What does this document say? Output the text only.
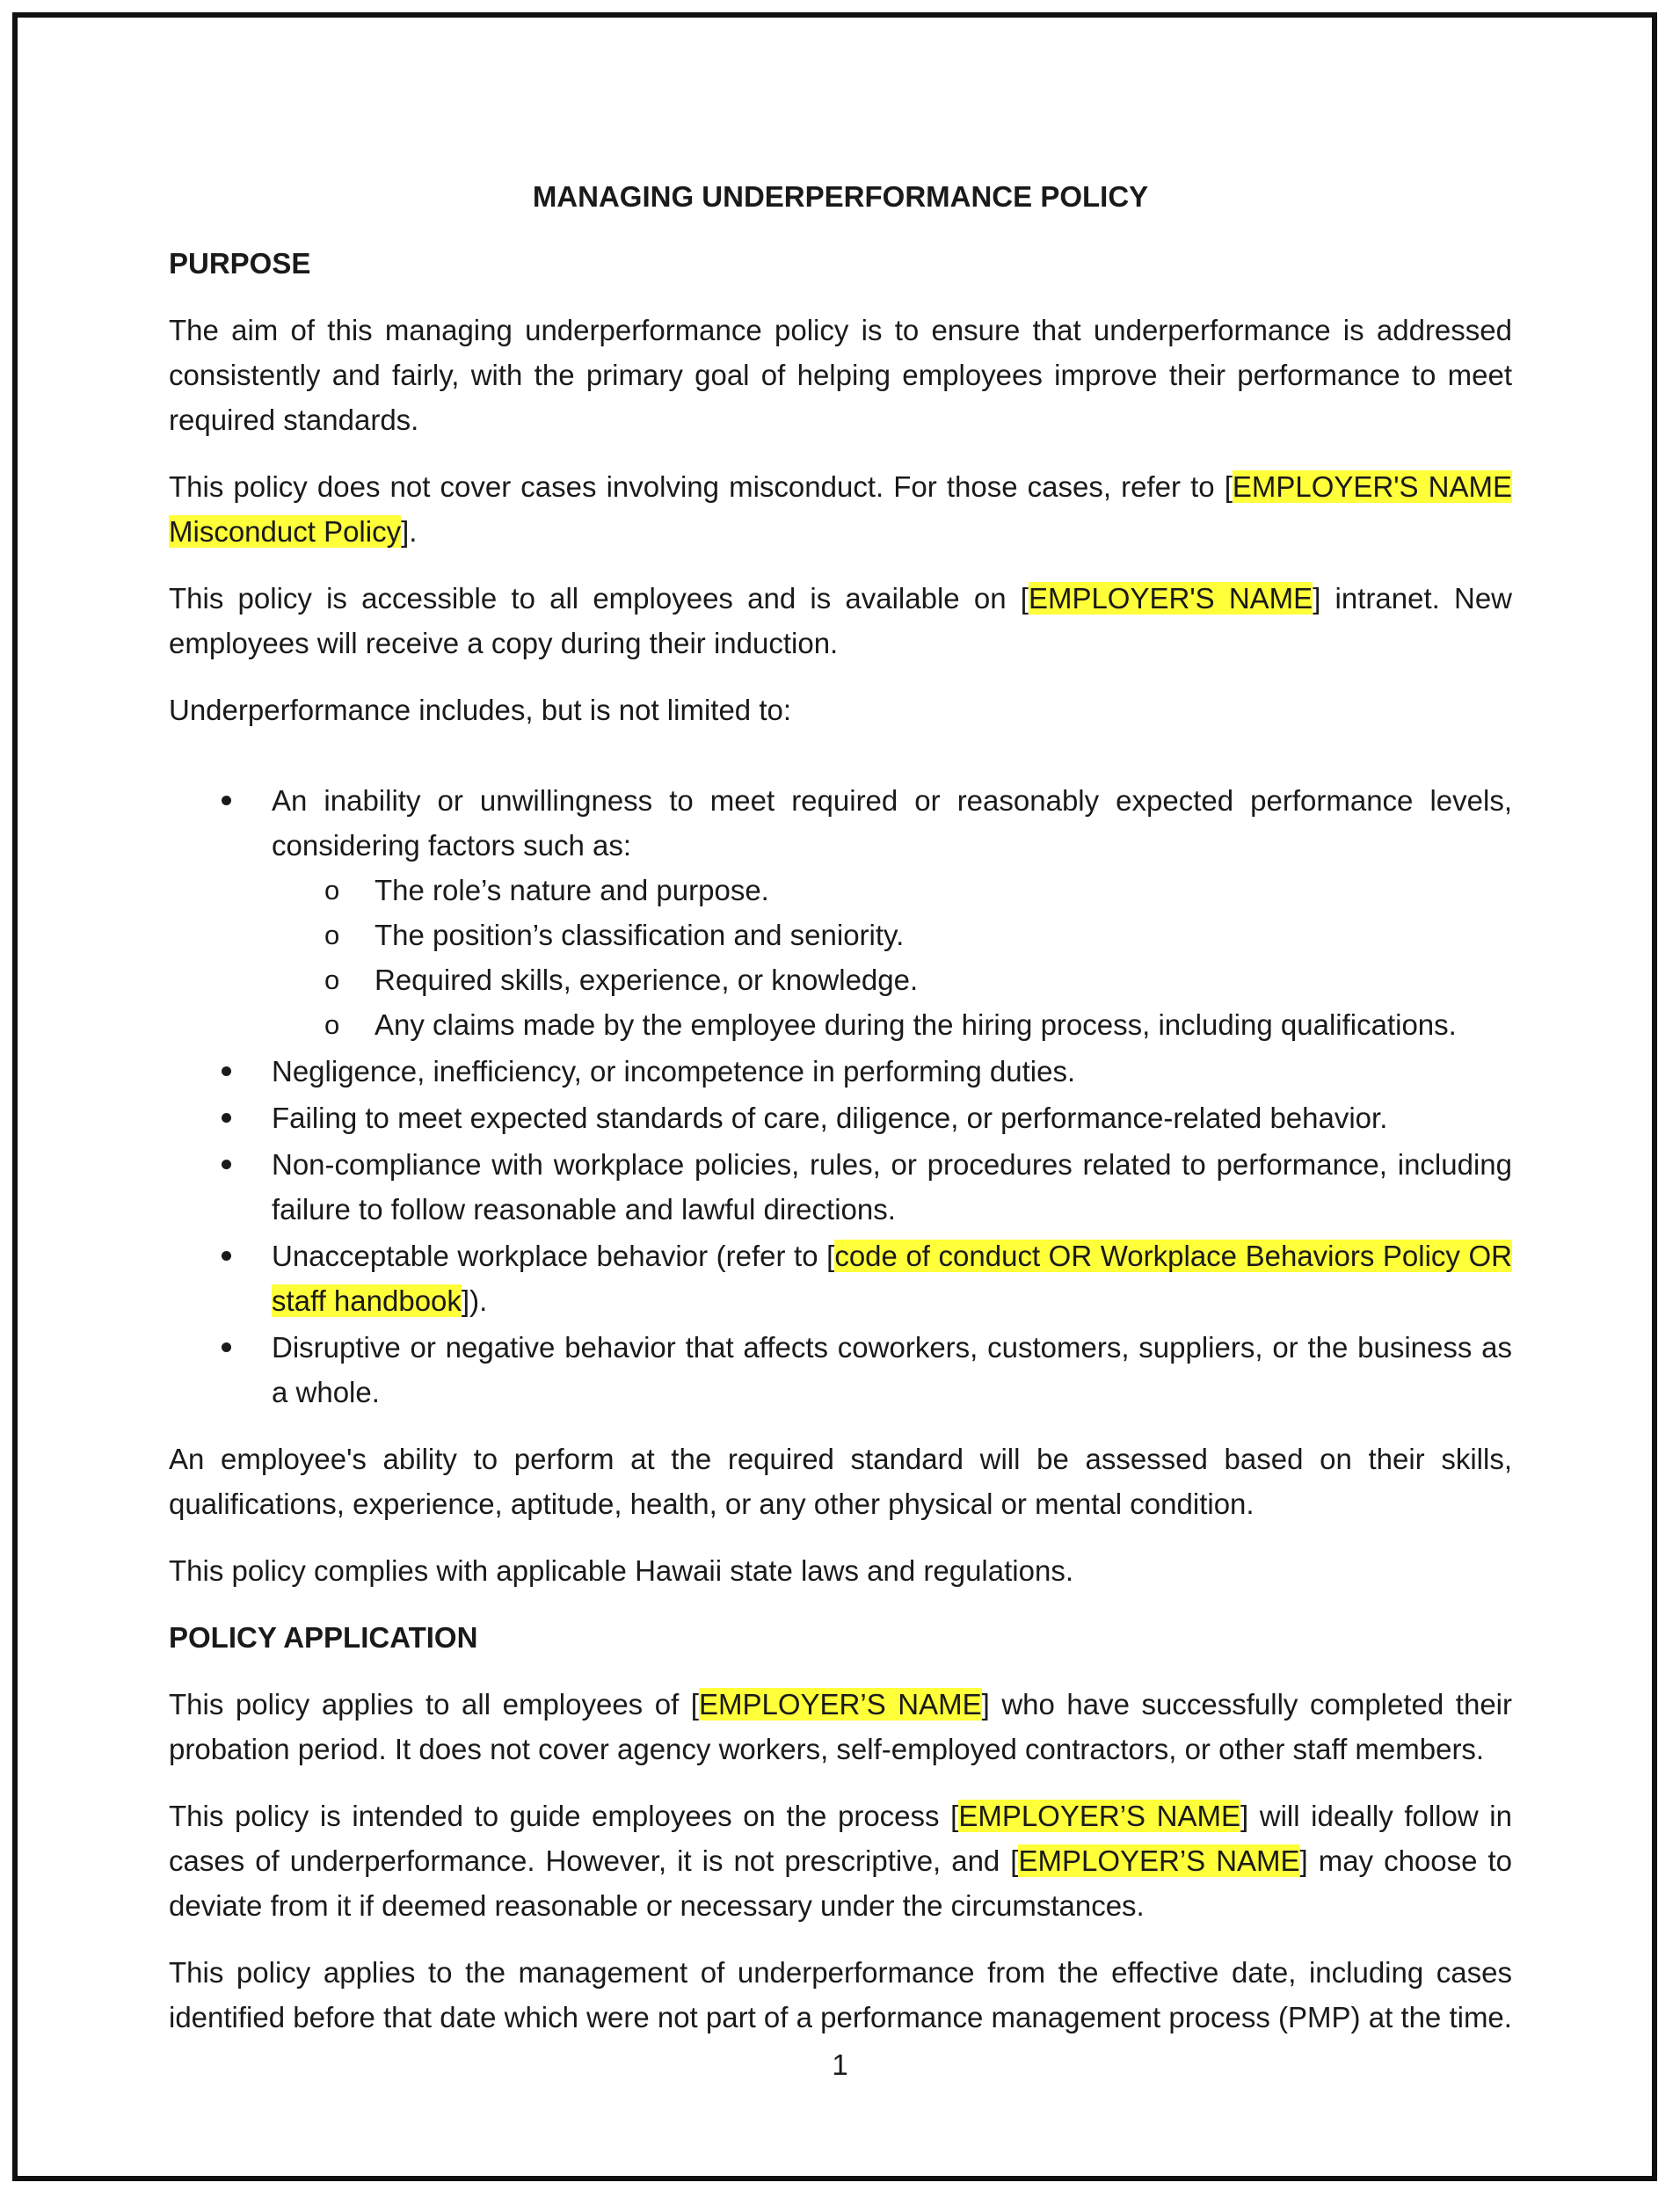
MANAGING UNDERPERFORMANCE POLICY
PURPOSE

The aim of this managing underperformance policy is to ensure that underperformance is addressed consistently and fairly, with the primary goal of helping employees improve their performance to meet required standards.

This policy does not cover cases involving misconduct. For those cases, refer to [EMPLOYER'S NAME Misconduct Policy].

This policy is accessible to all employees and is available on [EMPLOYER'S NAME] intranet. New employees will receive a copy during their induction.

Underperformance includes, but is not limited to:

An inability or unwillingness to meet required or reasonably expected performance levels, considering factors such as:
o The role’s nature and purpose.
o The position’s classification and seniority.
o Required skills, experience, or knowledge.
o Any claims made by the employee during the hiring process, including qualifications.
Negligence, inefficiency, or incompetence in performing duties.
Failing to meet expected standards of care, diligence, or performance-related behavior.
Non-compliance with workplace policies, rules, or procedures related to performance, including failure to follow reasonable and lawful directions.
Unacceptable workplace behavior (refer to [code of conduct OR Workplace Behaviors Policy OR staff handbook]).
Disruptive or negative behavior that affects coworkers, customers, suppliers, or the business as a whole.

An employee's ability to perform at the required standard will be assessed based on their skills, qualifications, experience, aptitude, health, or any other physical or mental condition.

This policy complies with applicable Hawaii state laws and regulations.

POLICY APPLICATION

This policy applies to all employees of [EMPLOYER’S NAME] who have successfully completed their probation period. It does not cover agency workers, self-employed contractors, or other staff members.

This policy is intended to guide employees on the process [EMPLOYER’S NAME] will ideally follow in cases of underperformance. However, it is not prescriptive, and [EMPLOYER’S NAME] may choose to deviate from it if deemed reasonable or necessary under the circumstances.

This policy applies to the management of underperformance from the effective date, including cases identified before that date which were not part of a performance management process (PMP) at the time.

1
